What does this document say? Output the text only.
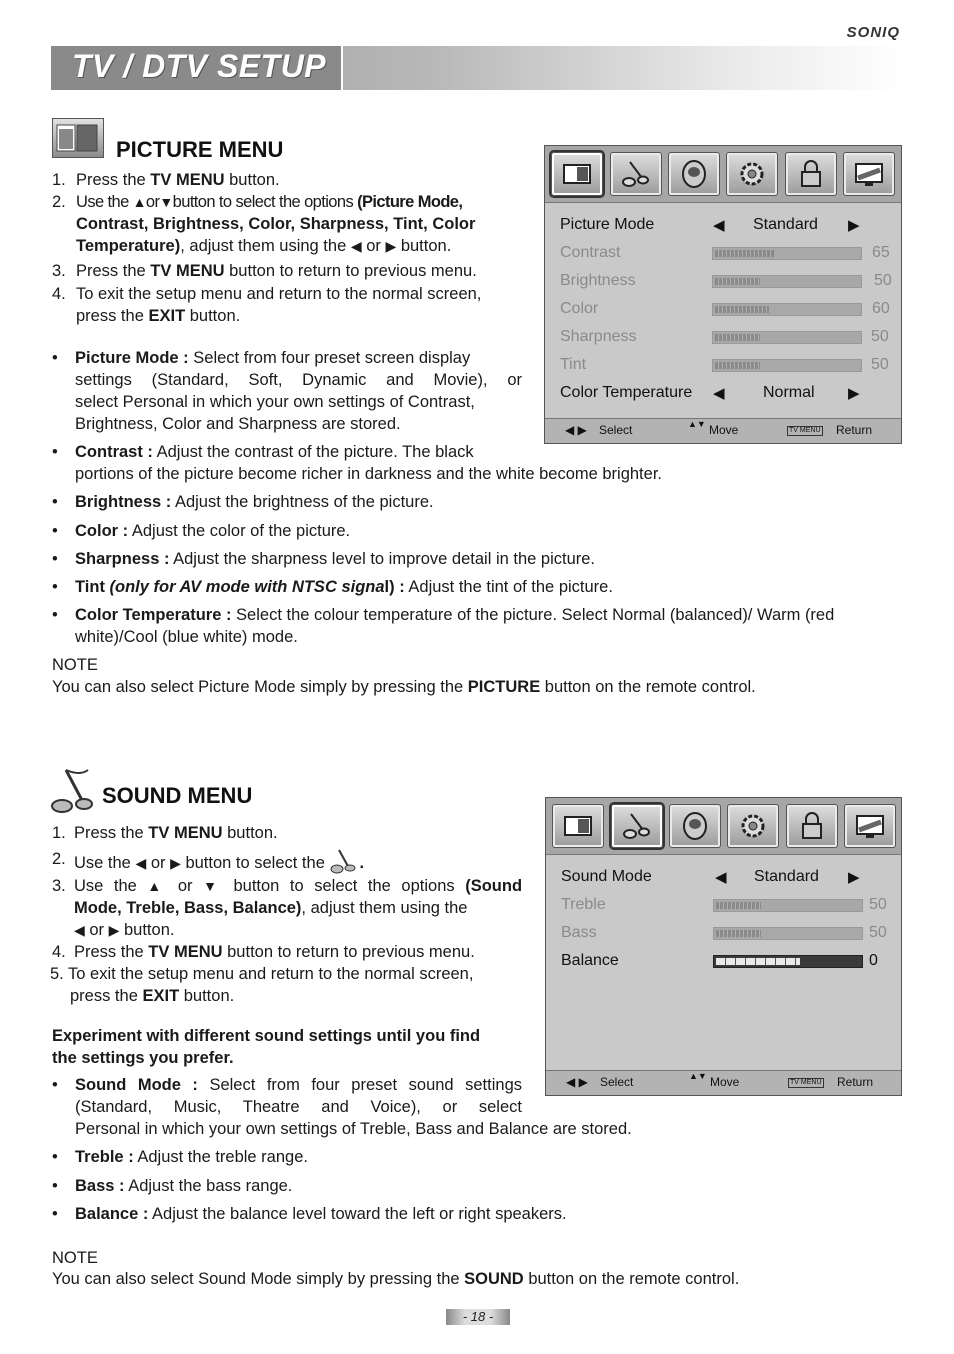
SONIQ
TV / DTV SETUP
PICTURE MENU
1. Press the TV MENU button.
2. Use the ▲or▼button to select the options (Picture Mode,
Contrast, Brightness, Color, Sharpness, Tint, Color
Temperature), adjust them using the ◀ or ▶ button.
3. Press the TV MENU button to return to previous menu.
4. To exit the setup menu and return to the normal screen,
press the EXIT button.
• Picture Mode : Select from four preset screen display
settings (Standard, Soft, Dynamic and Movie), or
select Personal in which your own settings of Contrast,
Brightness, Color and Sharpness are stored.
• Contrast : Adjust the contrast of the picture. The black
portions of the picture become richer in darkness and the white become brighter.
• Brightness : Adjust the brightness of the picture.
• Color : Adjust the color of the picture.
• Sharpness : Adjust the sharpness level to improve detail in the picture.
• Tint (only for AV mode with NTSC signal) : Adjust the tint of the picture.
• Color Temperature : Select the colour temperature of the picture. Select Normal (balanced)/ Warm (red
white)/Cool (blue white) mode.
NOTE
You can also select Picture Mode simply by pressing the PICTURE button on the remote control.
Picture Mode	◀ Standard ▶
Contrast	65
Brightness	50
Color	60
Sharpness	50
Tint	50
Color Temperature ◀ Normal ▶
◀ ▶ Select	▲▼ Move	TV MENU Return
SOUND MENU
1. Press the TV MENU button.
2. Use the ◀ or ▶ button to select the .
3. Use the ▲ or ▼ button to select the options (Sound
Mode, Treble, Bass, Balance), adjust them using the
◀ or ▶ button.
4. Press the TV MENU button to return to previous menu.
5. To exit the setup menu and return to the normal screen,
press the EXIT button.
Experiment with different sound settings until you find
the settings you prefer.
• Sound Mode : Select from four preset sound settings
(Standard, Music, Theatre and Voice), or select
Personal in which your own settings of Treble, Bass and Balance are stored.
• Treble : Adjust the treble range.
• Bass : Adjust the bass range.
• Balance : Adjust the balance level toward the left or right speakers.
NOTE
You can also select Sound Mode simply by pressing the SOUND button on the remote control.
Sound Mode	◀ Standard ▶
Treble	50
Bass	50
Balance	0
◀ ▶ Select	▲▼ Move	TV MENU Return
- 18 -
